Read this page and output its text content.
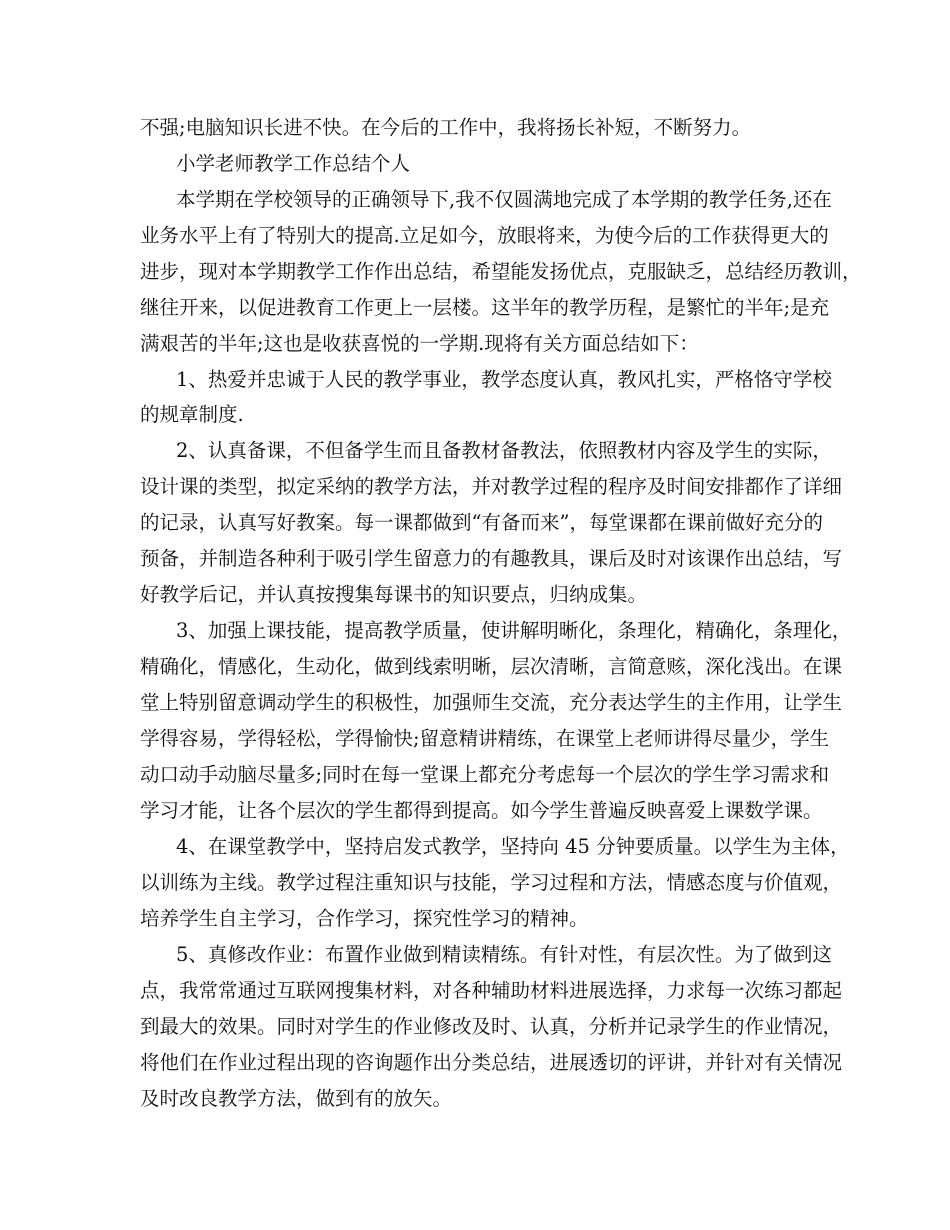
不强;电脑知识长进不快。在今后的工作中，我将扬长补短，不断努力。
小学老师教学工作总结个人
本学期在学校领导的正确领导下,我不仅圆满地完成了本学期的教学任务,还在
业务水平上有了特别大的提高.立足如今，放眼将来，为使今后的工作获得更大的
进步，现对本学期教学工作作出总结，希望能发扬优点，克服缺乏，总结经历教训，
继往开来，以促进教育工作更上一层楼。这半年的教学历程，是繁忙的半年;是充
满艰苦的半年;这也是收获喜悦的一学期.现将有关方面总结如下：
1、热爱并忠诚于人民的教学事业，教学态度认真，教风扎实，严格恪守学校
的规章制度.
2、认真备课，不但备学生而且备教材备教法，依照教材内容及学生的实际，
设计课的类型，拟定采纳的教学方法，并对教学过程的程序及时间安排都作了详细
的记录，认真写好教案。每一课都做到“有备而来”，每堂课都在课前做好充分的
预备，并制造各种利于吸引学生留意力的有趣教具，课后及时对该课作出总结，写
好教学后记，并认真按搜集每课书的知识要点，归纳成集。
3、加强上课技能，提高教学质量，使讲解明晰化，条理化，精确化，条理化，
精确化，情感化，生动化，做到线索明晰，层次清晰，言简意赅，深化浅出。在课
堂上特别留意调动学生的积极性，加强师生交流，充分表达学生的主作用，让学生
学得容易，学得轻松，学得愉快;留意精讲精练，在课堂上老师讲得尽量少，学生
动口动手动脑尽量多;同时在每一堂课上都充分考虑每一个层次的学生学习需求和
学习才能，让各个层次的学生都得到提高。如今学生普遍反映喜爱上课数学课。
4、在课堂教学中，坚持启发式教学，坚持向 45 分钟要质量。以学生为主体，
以训练为主线。教学过程注重知识与技能，学习过程和方法，情感态度与价值观，
培养学生自主学习，合作学习，探究性学习的精神。
5、真修改作业：布置作业做到精读精练。有针对性，有层次性。为了做到这
点，我常常通过互联网搜集材料，对各种辅助材料进展选择，力求每一次练习都起
到最大的效果。同时对学生的作业修改及时、认真，分析并记录学生的作业情况，
将他们在作业过程出现的咨询题作出分类总结，进展透切的评讲，并针对有关情况
及时改良教学方法，做到有的放矢。
